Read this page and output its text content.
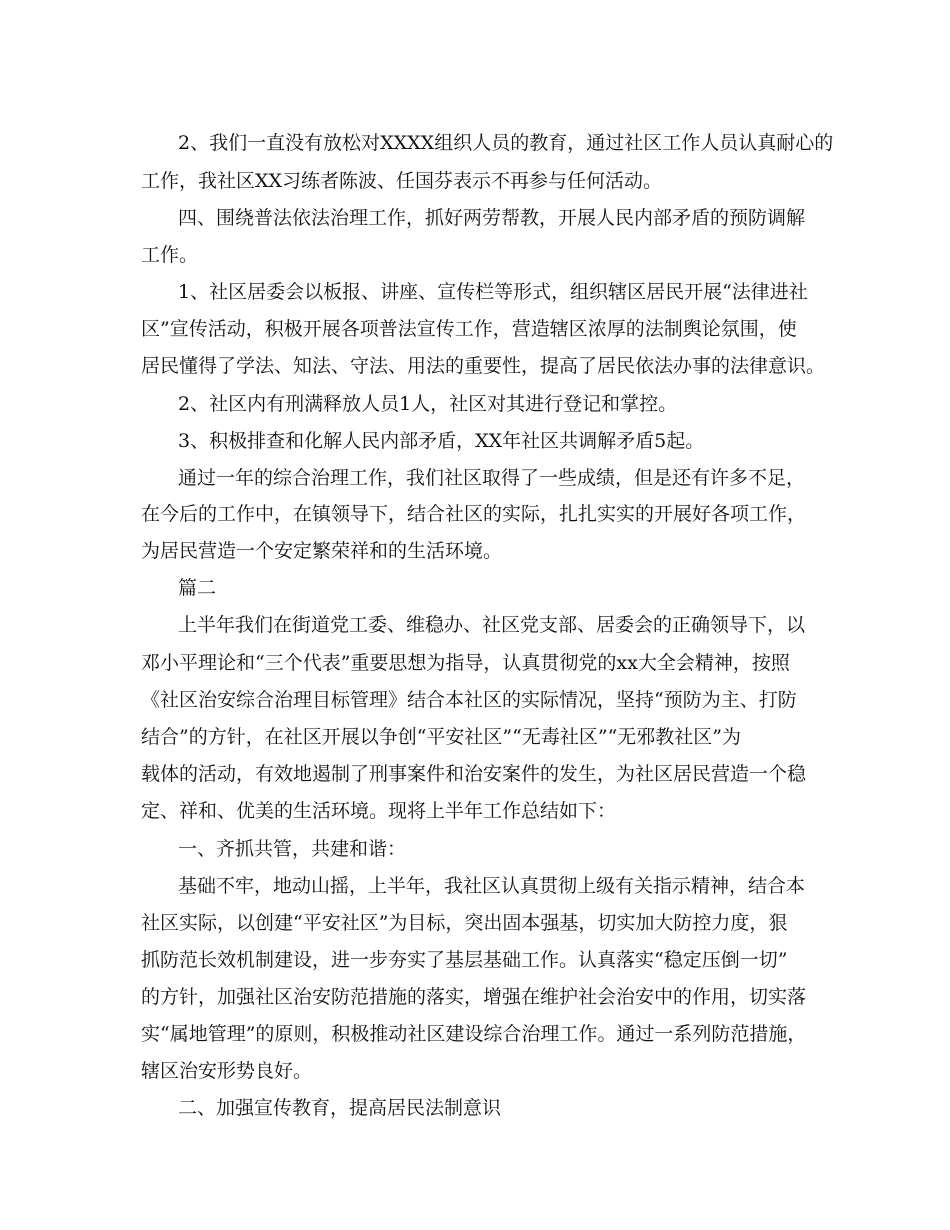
2、我们一直没有放松对XXXX组织人员的教育，通过社区工作人员认真耐心的
工作，我社区XX习练者陈波、任国芬表示不再参与任何活动。
四、围绕普法依法治理工作，抓好两劳帮教，开展人民内部矛盾的预防调解
工作。
1、社区居委会以板报、讲座、宣传栏等形式，组织辖区居民开展“法律进社
区”宣传活动，积极开展各项普法宣传工作，营造辖区浓厚的法制舆论氛围，使
居民懂得了学法、知法、守法、用法的重要性，提高了居民依法办事的法律意识。
2、社区内有刑满释放人员1人，社区对其进行登记和掌控。
3、积极排查和化解人民内部矛盾，XX年社区共调解矛盾5起。
通过一年的综合治理工作，我们社区取得了一些成绩，但是还有许多不足，
在今后的工作中，在镇领导下，结合社区的实际，扎扎实实的开展好各项工作，
为居民营造一个安定繁荣祥和的生活环境。
篇二
上半年我们在街道党工委、维稳办、社区党支部、居委会的正确领导下，以
邓小平理论和“三个代表”重要思想为指导，认真贯彻党的xx大全会精神，按照
《社区治安综合治理目标管理》结合本社区的实际情况，坚持“预防为主、打防
结合”的方针，在社区开展以争创“平安社区”“无毒社区”“无邪教社区”为
载体的活动，有效地遏制了刑事案件和治安案件的发生，为社区居民营造一个稳
定、祥和、优美的生活环境。现将上半年工作总结如下：
一、齐抓共管，共建和谐：
基础不牢，地动山摇，上半年，我社区认真贯彻上级有关指示精神，结合本
社区实际，以创建“平安社区”为目标，突出固本强基，切实加大防控力度，狠
抓防范长效机制建设，进一步夯实了基层基础工作。认真落实“稳定压倒一切”
的方针，加强社区治安防范措施的落实，增强在维护社会治安中的作用，切实落
实“属地管理”的原则，积极推动社区建设综合治理工作。通过一系列防范措施，
辖区治安形势良好。
二、加强宣传教育，提高居民法制意识
